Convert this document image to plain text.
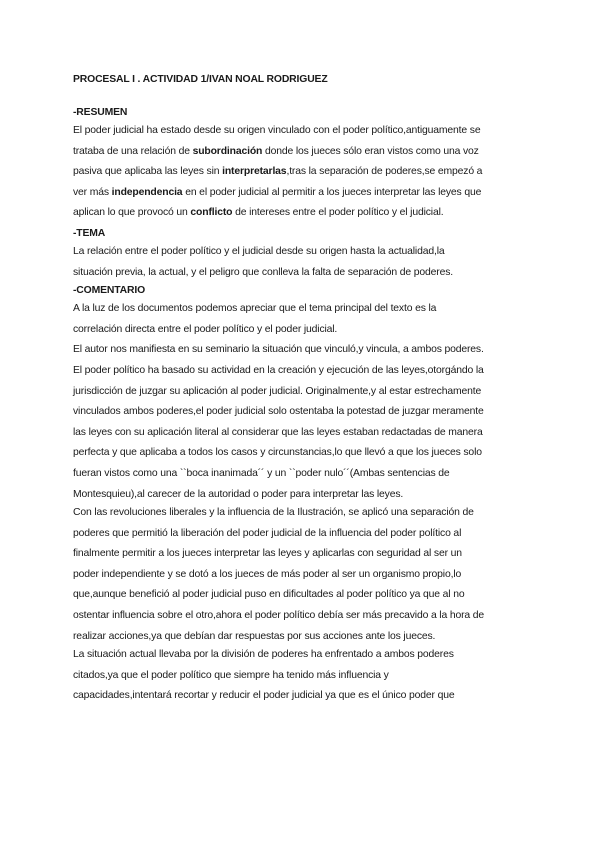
PROCESAL I . ACTIVIDAD 1/IVAN NOAL RODRIGUEZ
-RESUMEN
El poder judicial ha estado desde su origen vinculado con el poder político,antiguamente se
trataba de una relación de subordinación donde los jueces sólo eran vistos como una voz
pasiva que aplicaba las leyes sin interpretarlas,tras la separación de poderes,se empezó a
ver más independencia en el poder judicial al permitir a los jueces interpretar las leyes que
aplican lo que provocó un conflicto de intereses entre el poder político y el judicial.
-TEMA
La relación entre el poder político y el judicial desde su origen hasta la actualidad,la
situación previa, la actual, y el peligro que conlleva la falta de separación de poderes.
-COMENTARIO
A la luz de los documentos podemos apreciar que el tema principal del texto es la
correlación directa entre el poder político y el poder judicial.
El autor nos manifiesta en su seminario la situación que vinculó,y vincula, a ambos poderes.
El poder político ha basado su actividad en la creación y ejecución de las leyes,otorgándo la
jurisdicción de juzgar su aplicación al poder judicial. Originalmente,y al estar estrechamente
vinculados ambos poderes,el poder judicial solo ostentaba la potestad de juzgar meramente
las leyes con su aplicación literal al considerar que las leyes estaban redactadas de manera
perfecta y que aplicaba a todos los casos y circunstancias,lo que llevó a que los jueces solo
fueran vistos como una ``boca inanimada´´ y un ``poder nulo´´(Ambas sentencias de
Montesquieu),al carecer de la autoridad o poder para interpretar las leyes.
Con las revoluciones liberales y la influencia de la Ilustración, se aplicó una separación de
poderes que permitió la liberación del poder judicial de la influencia del poder político al
finalmente permitir a los jueces interpretar las leyes y aplicarlas con seguridad al ser un
poder independiente y se dotó a los jueces de más poder al ser un organismo propio,lo
que,aunque benefició al poder judicial puso en dificultades al poder político ya que al no
ostentar influencia sobre el otro,ahora el poder político debía ser más precavido a la hora de
realizar acciones,ya que debían dar respuestas por sus acciones ante los jueces.
La situación actual llevaba por la división de poderes ha enfrentado a ambos poderes
citados,ya que el poder político que siempre ha tenido más influencia y
capacidades,intentará recortar y reducir el poder judicial ya que es el único poder que
